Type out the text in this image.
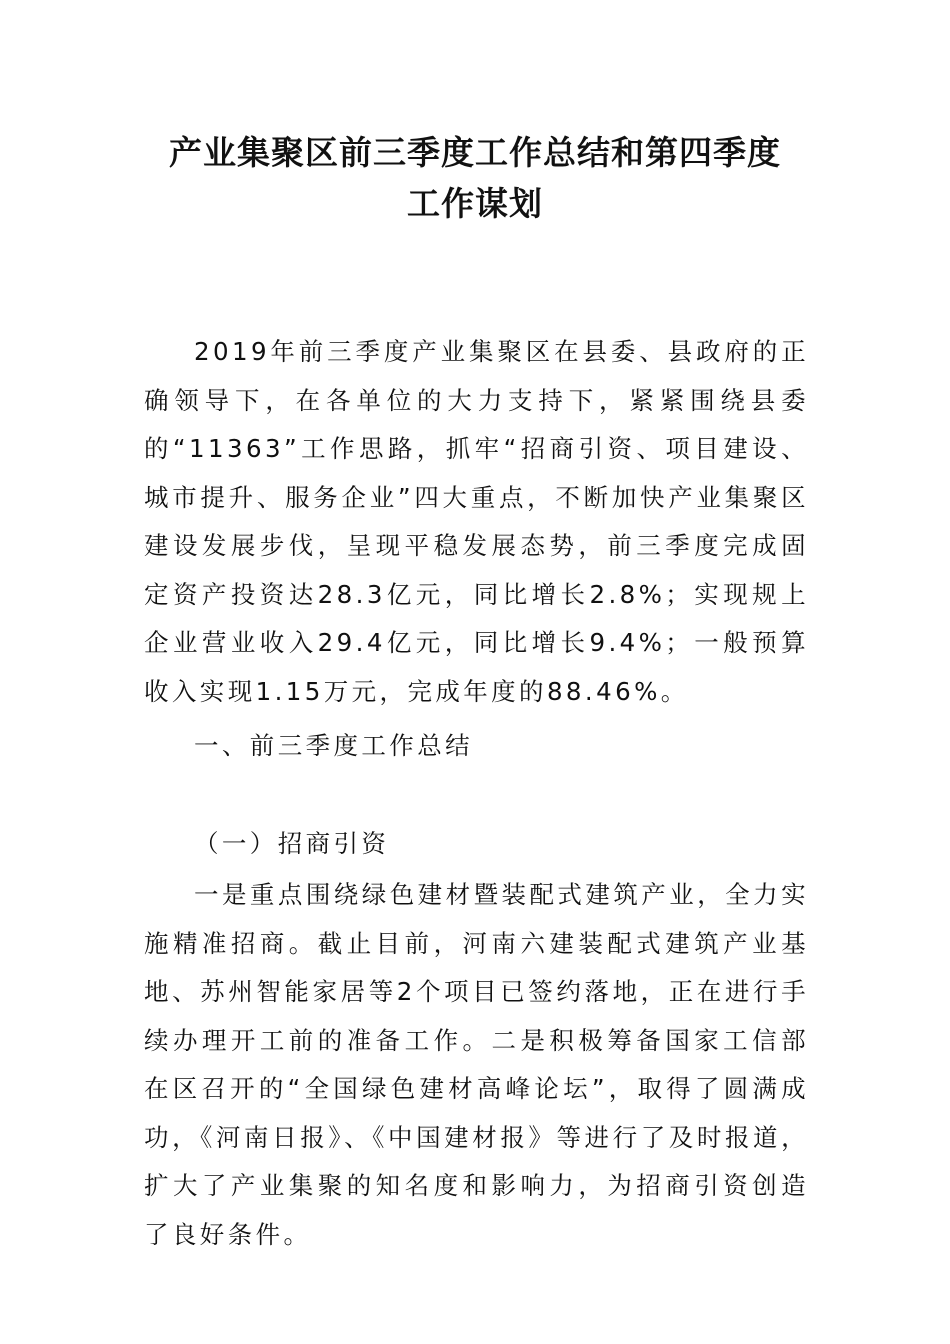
产业集聚区前三季度工作总结和第四季度
工作谋划

2019年前三季度产业集聚区在县委、县政府的正确领导下，在各单位的大力支持下，紧紧围绕县委的“11363”工作思路，抓牢“招商引资、项目建设、城市提升、服务企业”四大重点，不断加快产业集聚区建设发展步伐，呈现平稳发展态势，前三季度完成固定资产投资达28.3亿元，同比增长2.8%；实现规上企业营业收入29.4亿元，同比增长9.4%；一般预算收入实现1.15万元，完成年度的88.46%。

一、前三季度工作总结

（一）招商引资

一是重点围绕绿色建材暨装配式建筑产业，全力实施精准招商。截止目前，河南六建装配式建筑产业基地、苏州智能家居等2个项目已签约落地，正在进行手续办理开工前的准备工作。二是积极筹备国家工信部在区召开的“全国绿色建材高峰论坛”，取得了圆满成功，《河南日报》、《中国建材报》等进行了及时报道，扩大了产业集聚的知名度和影响力，为招商引资创造了良好条件。
